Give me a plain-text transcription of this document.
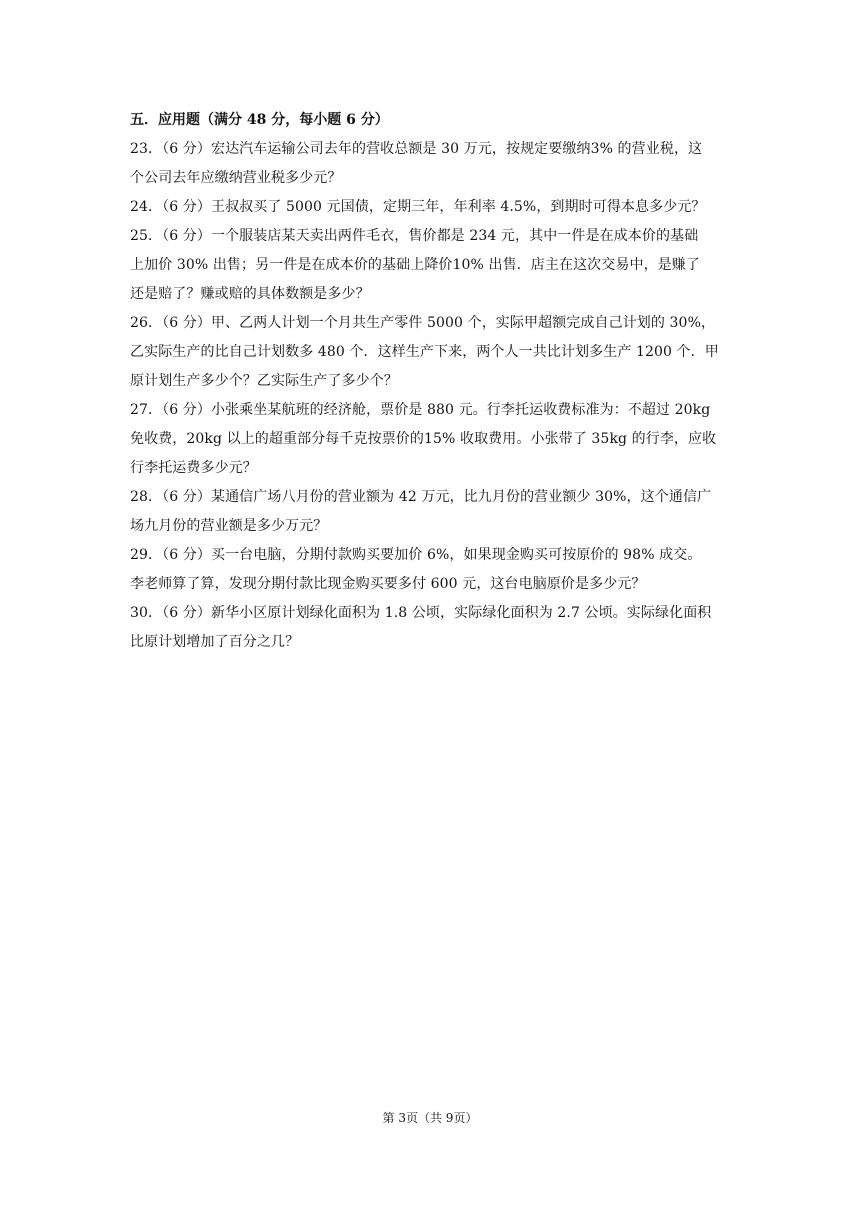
五．应用题（满分 48 分，每小题 6 分）

23．（6 分）宏达汽车运输公司去年的营收总额是 30 万元，按规定要缴纳3% 的营业税，这
个公司去年应缴纳营业税多少元？

24．（6 分）王叔叔买了 5000 元国债，定期三年，年利率 4.5%，到期时可得本息多少元？

25．（6 分）一个服装店某天卖出两件毛衣，售价都是 234 元，其中一件是在成本价的基础
上加价 30% 出售；另一件是在成本价的基础上降价10% 出售．店主在这次交易中，是赚了
还是赔了？赚或赔的具体数额是多少？

26．（6 分）甲、乙两人计划一个月共生产零件 5000 个，实际甲超额完成自己计划的 30%，
乙实际生产的比自己计划数多 480 个．这样生产下来，两个人一共比计划多生产 1200 个．甲
原计划生产多少个？乙实际生产了多少个？

27．（6 分）小张乘坐某航班的经济舱，票价是 880 元。行李托运收费标准为：不超过 20kg
免收费，20kg 以上的超重部分每千克按票价的15% 收取费用。小张带了 35kg 的行李，应收
行李托运费多少元？

28．（6 分）某通信广场八月份的营业额为 42 万元，比九月份的营业额少 30%，这个通信广
场九月份的营业额是多少万元？

29．（6 分）买一台电脑，分期付款购买要加价 6%，如果现金购买可按原价的 98% 成交。
李老师算了算，发现分期付款比现金购买要多付 600 元，这台电脑原价是多少元？

30．（6 分）新华小区原计划绿化面积为 1.8 公顷，实际绿化面积为 2.7 公顷。实际绿化面积
比原计划增加了百分之几？

第 3页（共 9页）
